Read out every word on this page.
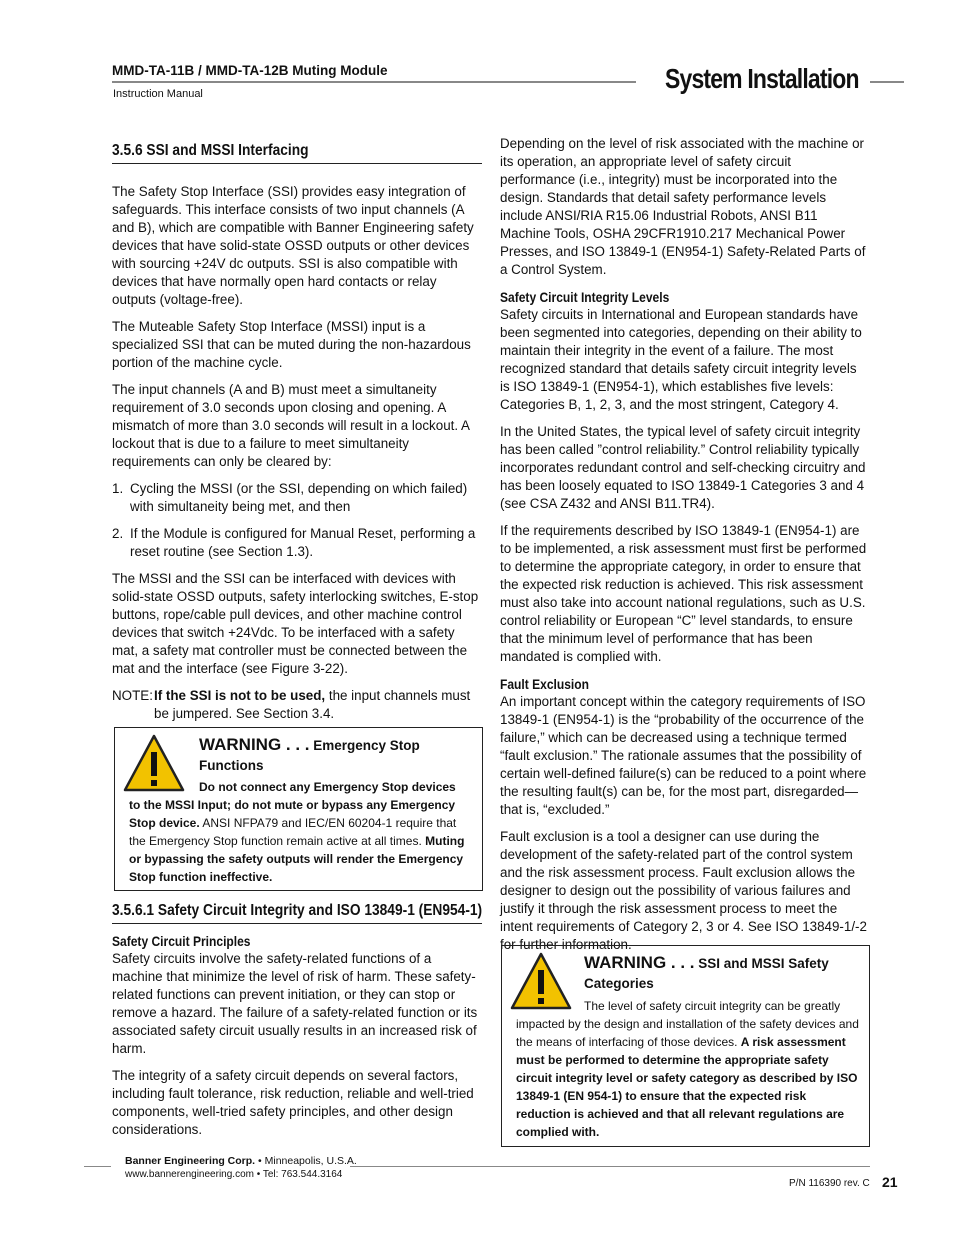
MMD-TA-11B / MMD-TA-12B Muting Module
Instruction Manual	System Installation
3.5.6 SSI and MSSI Interfacing

The Safety Stop Interface (SSI) provides easy integration of safeguards. This interface consists of two input channels (A and B), which are compatible with Banner Engineering safety devices that have solid-state OSSD outputs or other devices with sourcing +24V dc outputs. SSI is also compatible with devices that have normally open hard contacts or relay outputs (voltage-free).

The Muteable Safety Stop Interface (MSSI) input is a specialized SSI that can be muted during the non-hazardous portion of the machine cycle.

The input channels (A and B) must meet a simultaneity requirement of 3.0 seconds upon closing and opening. A mismatch of more than 3.0 seconds will result in a lockout. A lockout that is due to a failure to meet simultaneity requirements can only be cleared by:

1. Cycling the MSSI (or the SSI, depending on which failed) with simultaneity being met, and then
2. If the Module is configured for Manual Reset, performing a reset routine (see Section 1.3).

The MSSI and the SSI can be interfaced with devices with solid-state OSSD outputs, safety interlocking switches, E-stop buttons, rope/cable pull devices, and other machine control devices that switch +24Vdc. To be interfaced with a safety mat, a safety mat controller must be connected between the mat and the interface (see Figure 3-22).

NOTE: If the SSI is not to be used, the input channels must be jumpered. See Section 3.4.
WARNING . . . Emergency Stop Functions
Do not connect any Emergency Stop devices to the MSSI Input; do not mute or bypass any Emergency Stop device. ANSI NFPA79 and IEC/EN 60204-1 require that the Emergency Stop function remain active at all times. Muting or bypassing the safety outputs will render the Emergency Stop function ineffective.
3.5.6.1 Safety Circuit Integrity and ISO 13849-1 (EN954-1)
Safety Circuit Principles

Safety circuits involve the safety-related functions of a machine that minimize the level of risk of harm. These safety-related functions can prevent initiation, or they can stop or remove a hazard. The failure of a safety-related function or its associated safety circuit usually results in an increased risk of harm.

The integrity of a safety circuit depends on several factors, including fault tolerance, risk reduction, reliable and well-tried components, well-tried safety principles, and other design considerations.

Depending on the level of risk associated with the machine or its operation, an appropriate level of safety circuit performance (i.e., integrity) must be incorporated into the design. Standards that detail safety performance levels include ANSI/RIA R15.06 Industrial Robots, ANSI B11 Machine Tools, OSHA 29CFR1910.217 Mechanical Power Presses, and ISO 13849-1 (EN954-1) Safety-Related Parts of a Control System.

Safety Circuit Integrity Levels

Safety circuits in International and European standards have been segmented into categories, depending on their ability to maintain their integrity in the event of a failure. The most recognized standard that details safety circuit integrity levels is ISO 13849-1 (EN954-1), which establishes five levels: Categories B, 1, 2, 3, and the most stringent, Category 4.

In the United States, the typical level of safety circuit integrity has been called ”control reliability.” Control reliability typically incorporates redundant control and self-checking circuitry and has been loosely equated to ISO 13849-1 Categories 3 and 4 (see CSA Z432 and ANSI B11.TR4).

If the requirements described by ISO 13849-1 (EN954-1) are to be implemented, a risk assessment must first be performed to determine the appropriate category, in order to ensure that the expected risk reduction is achieved. This risk assessment must also take into account national regulations, such as U.S. control reliability or European “C” level standards, to ensure that the minimum level of performance that has been mandated is complied with.

Fault Exclusion

An important concept within the category requirements of ISO 13849-1 (EN954-1) is the “probability of the occurrence of the failure,” which can be decreased using a technique termed “fault exclusion.” The rationale assumes that the possibility of certain well-defined failure(s) can be reduced to a point where the resulting fault(s) can be, for the most part, disregarded—that is, “excluded.”

Fault exclusion is a tool a designer can use during the development of the safety-related part of the control system and the risk assessment process. Fault exclusion allows the designer to design out the possibility of various failures and justify it through the risk assessment process to meet the intent requirements of Category 2, 3 or 4. See ISO 13849-1/-2 for further information.

WARNING . . . SSI and MSSI Safety Categories
The level of safety circuit integrity can be greatly impacted by the design and installation of the safety devices and the means of interfacing of those devices. A risk assessment must be performed to determine the appropriate safety circuit integrity level or safety category as described by ISO 13849-1 (EN 954-1) to ensure that the expected risk reduction is achieved and that all relevant regulations are complied with.
Banner Engineering Corp. • Minneapolis, U.S.A.
www.bannerengineering.com • Tel: 763.544.3164
P/N 116390 rev. C 21
